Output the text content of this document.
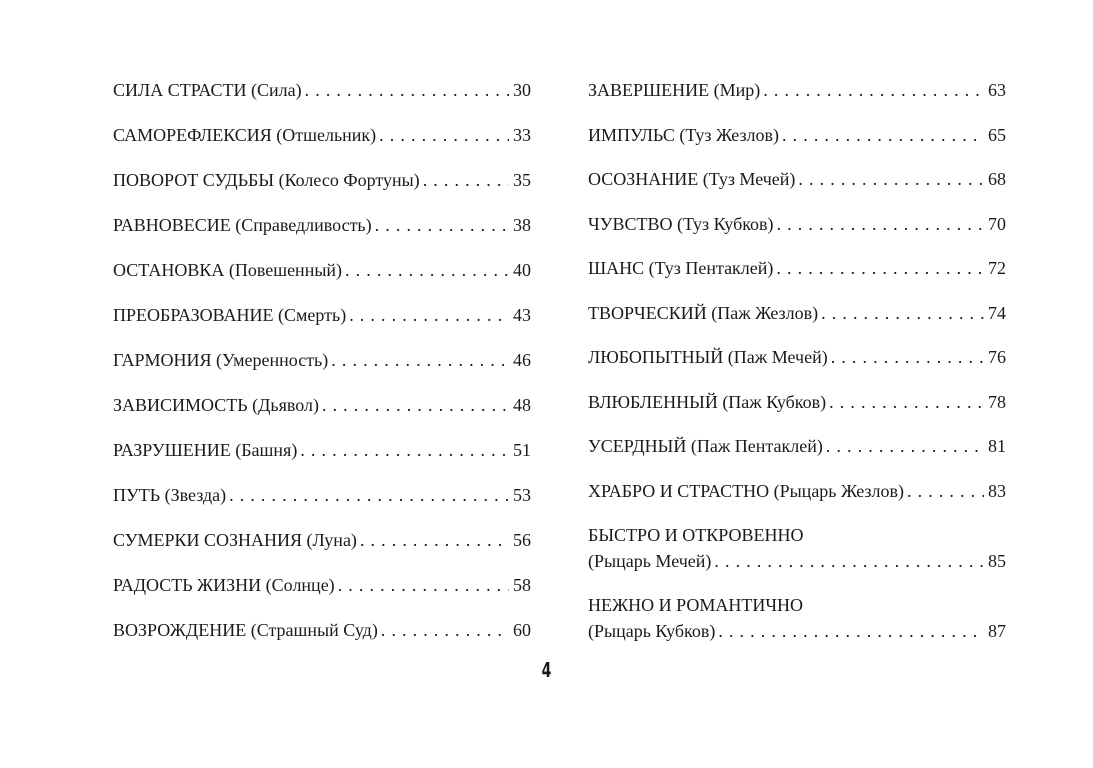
СИЛА СТРАСТИ (Сила) . . .	30
САМОРЕФЛЕКСИЯ (Отшельник) . . .	33
ПОВОРОТ СУДЬБЫ (Колесо Фортуны) . . .	35
РАВНОВЕСИЕ (Справедливость) . . .	38
ОСТАНОВКА (Повешенный) . . .	40
ПРЕОБРАЗОВАНИЕ (Смерть) . . .	43
ГАРМОНИЯ (Умеренность) . . .	46
ЗАВИСИМОСТЬ (Дьявол) . . .	48
РАЗРУШЕНИЕ (Башня) . . .	51
ПУТЬ (Звезда) . . .	53
СУМЕРКИ СОЗНАНИЯ (Луна) . . .	56
РАДОСТЬ ЖИЗНИ (Солнце) . . .	58
ВОЗРОЖДЕНИЕ (Страшный Суд) . . .	60
ЗАВЕРШЕНИЕ (Мир) . . .	63
ИМПУЛЬС (Туз Жезлов) . . .	65
ОСОЗНАНИЕ (Туз Мечей) . . .	68
ЧУВСТВО (Туз Кубков) . . .	70
ШАНС (Туз Пентаклей) . . .	72
ТВОРЧЕСКИЙ (Паж Жезлов) . . .	74
ЛЮБОПЫТНЫЙ (Паж Мечей) . . .	76
ВЛЮБЛЕННЫЙ (Паж Кубков) . . .	78
УСЕРДНЫЙ (Паж Пентаклей) . . .	81
ХРАБРО И СТРАСТНО (Рыцарь Жезлов) . . .	83
БЫСТРО И ОТКРОВЕННО
(Рыцарь Мечей) . . .	85
НЕЖНО И РОМАНТИЧНО
(Рыцарь Кубков) . . .	87
4
